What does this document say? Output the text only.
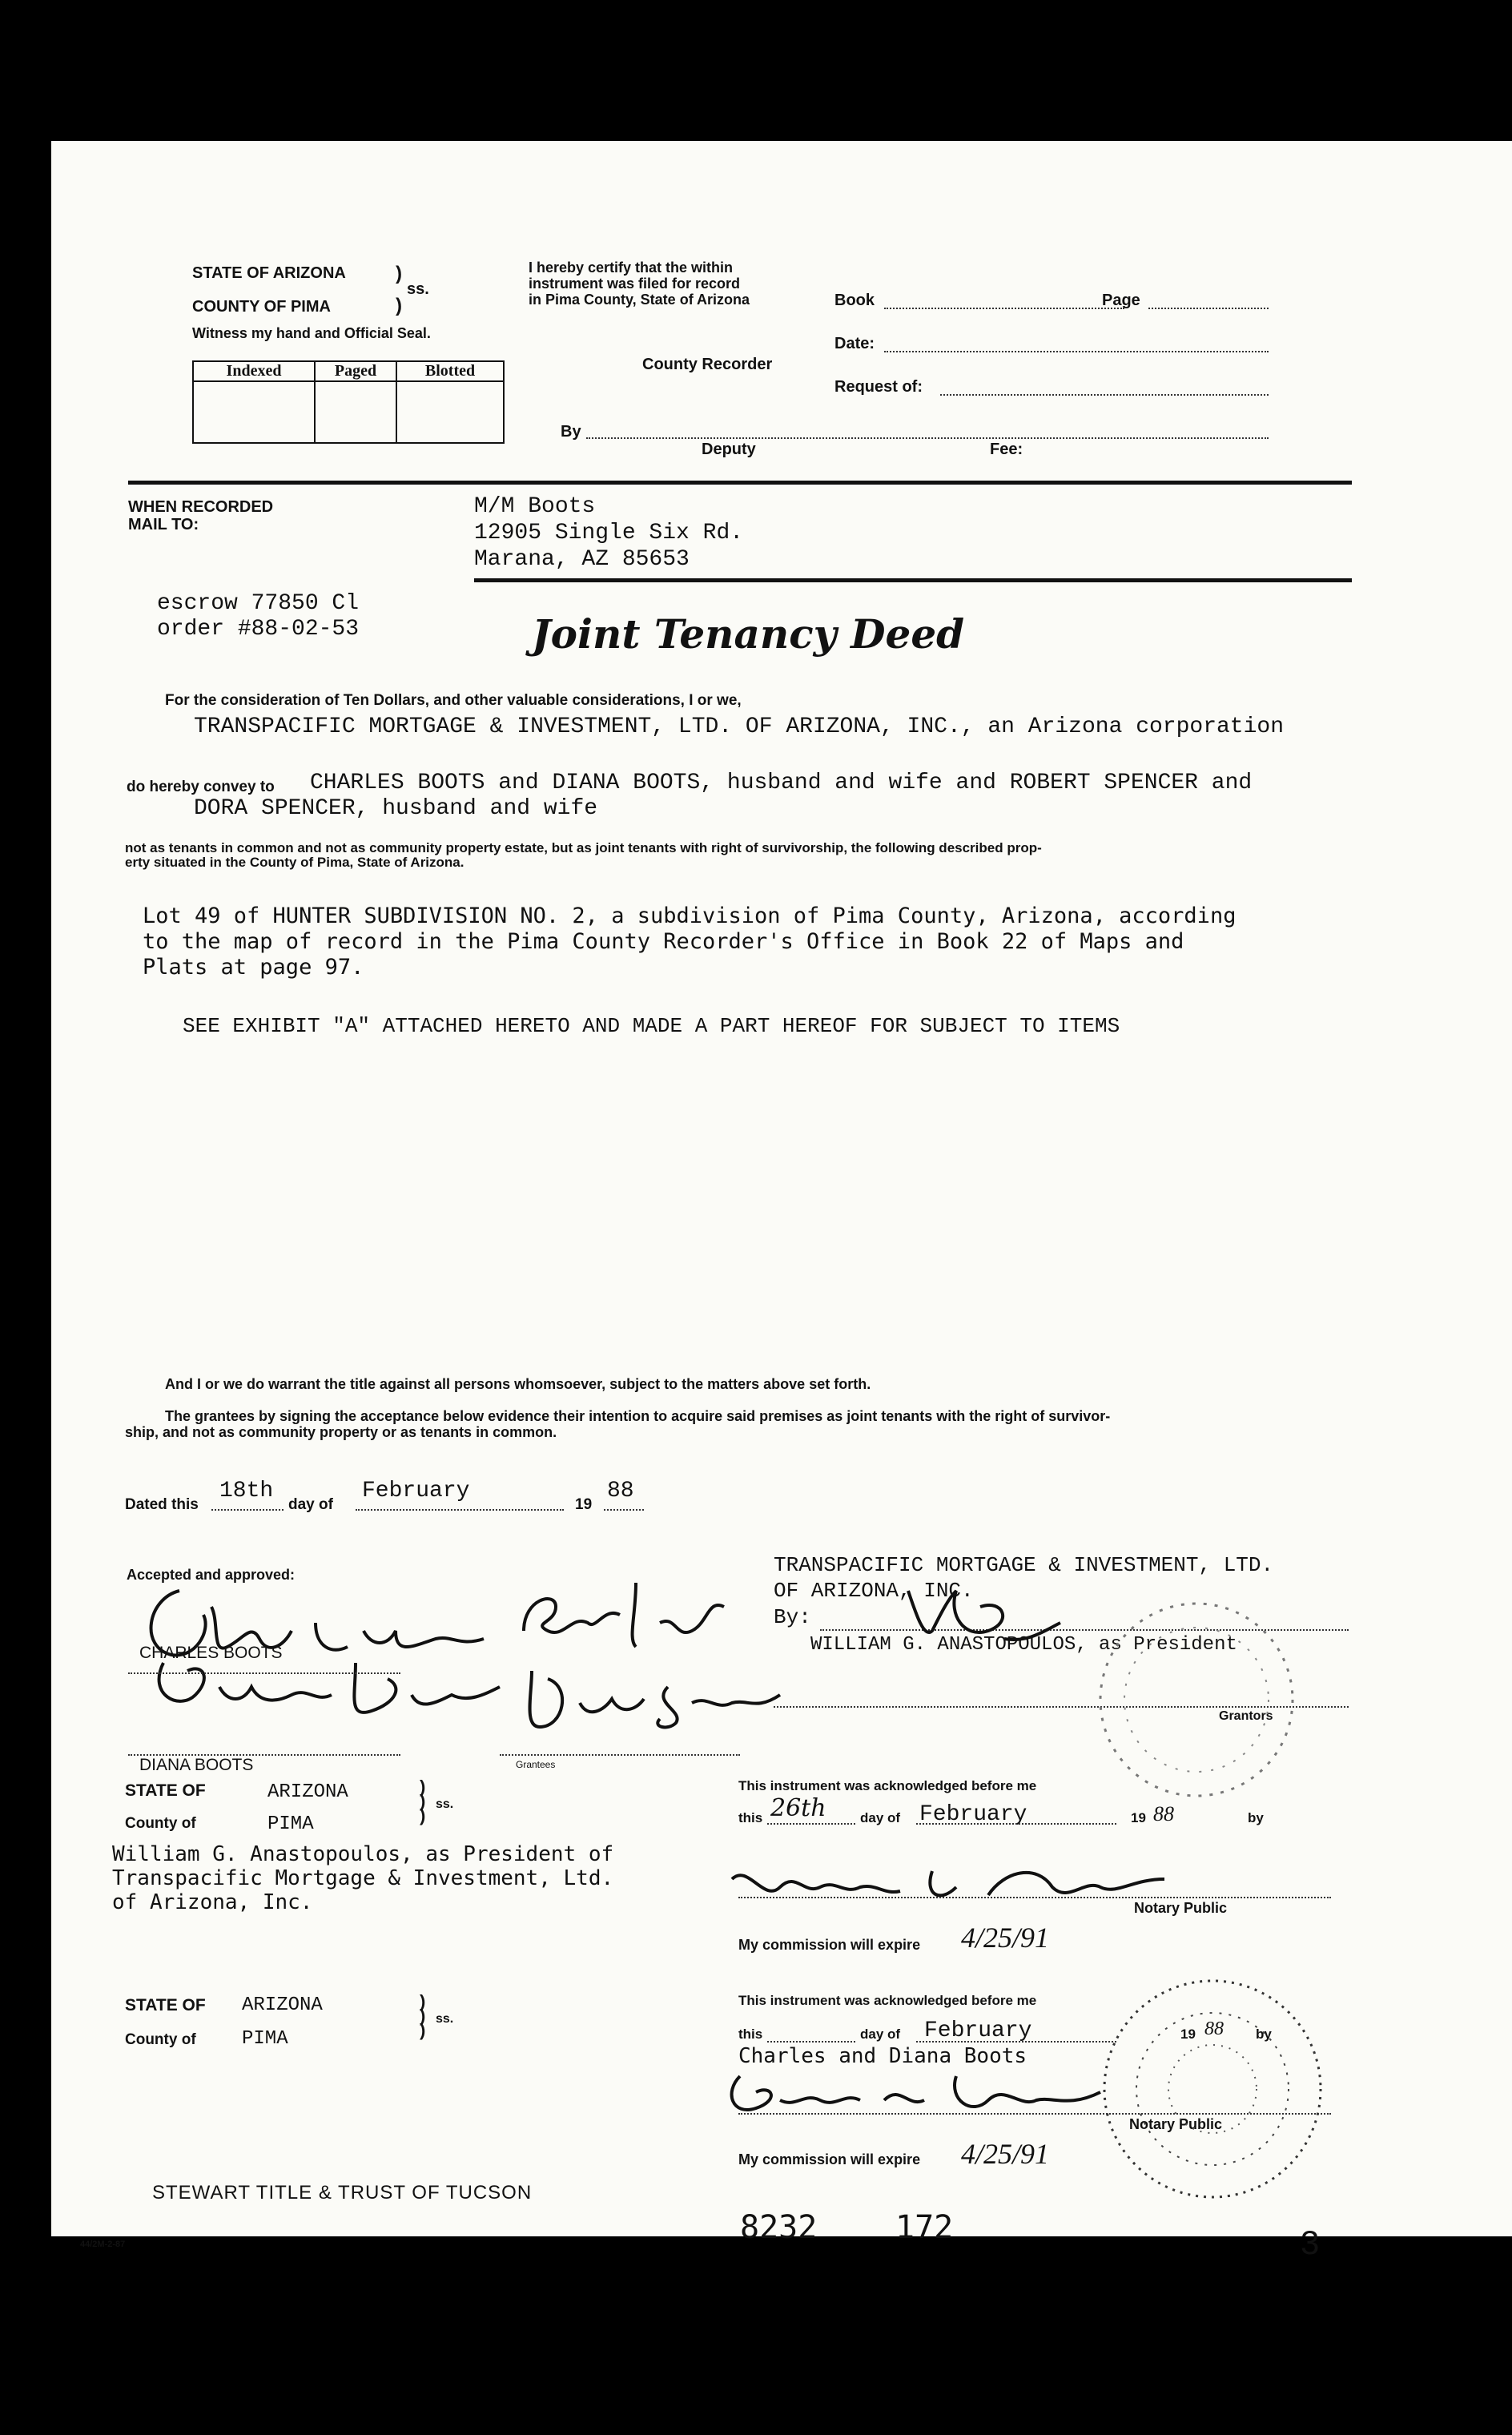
STATE OF ARIZONA
COUNTY OF PIMA
)
)
ss.
Witness my hand and Official Seal.
Indexed	Paged	Blotted

I hereby certify that the within
instrument was filed for record
in Pima County, State of Arizona
County Recorder
Book	Page
Date:
Request of:
By
Deputy	Fee:
WHEN RECORDED
MAIL TO:
M/M Boots
12905 Single Six Rd.
Marana, AZ 85653
escrow 77850 Cl
order #88-02-53	Joint Tenancy Deed
For the consideration of Ten Dollars, and other valuable considerations, I or we,
TRANSPACIFIC MORTGAGE & INVESTMENT, LTD. OF ARIZONA, INC., an Arizona corporation
do hereby convey to CHARLES BOOTS and DIANA BOOTS, husband and wife and ROBERT SPENCER and
DORA SPENCER, husband and wife
not as tenants in common and not as community property estate, but as joint tenants with right of survivorship, the following described prop-
erty situated in the County of Pima, State of Arizona.
Lot 49 of HUNTER SUBDIVISION NO. 2, a subdivision of Pima County, Arizona, according
to the map of record in the Pima County Recorder's Office in Book 22 of Maps and
Plats at page 97.
SEE EXHIBIT "A" ATTACHED HERETO AND MADE A PART HEREOF FOR SUBJECT TO ITEMS
And I or we do warrant the title against all persons whomsoever, subject to the matters above set forth.
The grantees by signing the acceptance below evidence their intention to acquire said premises as joint tenants with the right of survivor-
ship, and not as community property or as tenants in common.
Dated this
18th
day of
February
19
88
Accepted and approved:
CHARLES BOOTS
DIANA BOOTS	Grantees
TRANSPACIFIC MORTGAGE & INVESTMENT, LTD.
OF ARIZONA, INC.
By:
WILLIAM G. ANASTOPOULOS, as President
Grantors
STATE OF	ARIZONA
County of	PIMA
)
)
)
ss.
William G. Anastopoulos, as President of
Transpacific Mortgage & Investment, Ltd.
of Arizona, Inc.
This instrument was acknowledged before me
this 26th day of February	19 88	by
Notary Public
My commission will expire 4/25/91
STATE OF ARIZONA
County of PIMA
)
)
)
ss.
This instrument was acknowledged before me
this	day of February	19 88 by
Charles and Diana Boots
Notary Public
My commission will expire 4/25/91
STEWART TITLE & TRUST OF TUCSON
44/2M-2-87	8232 172	3
